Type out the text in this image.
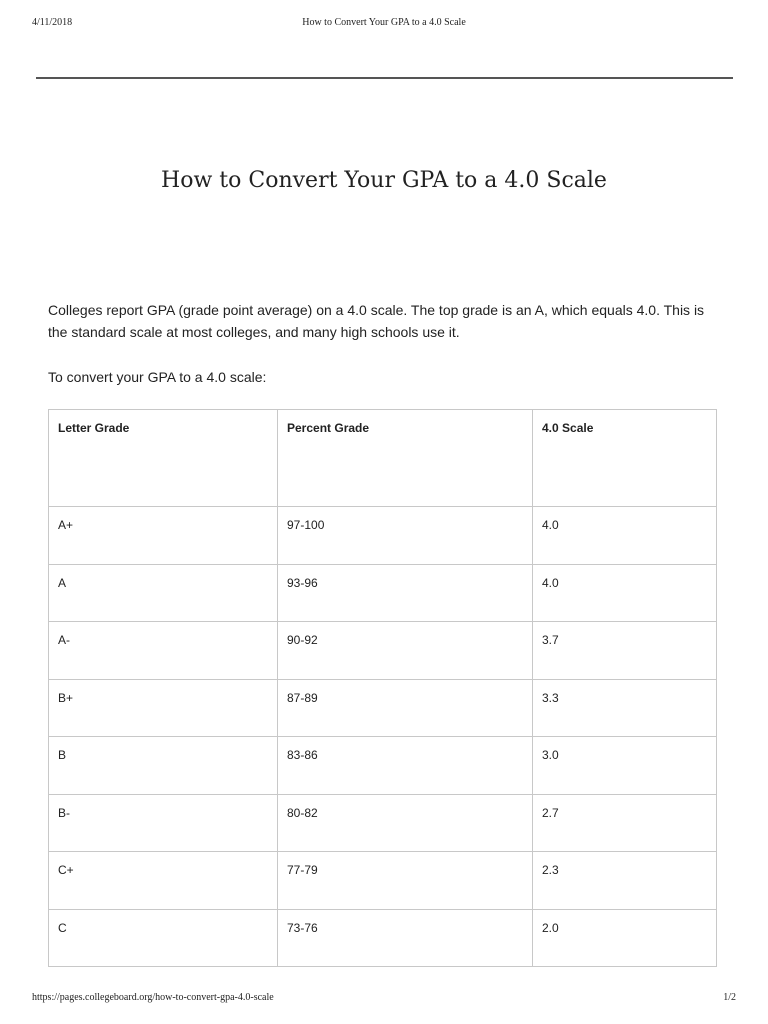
4/11/2018	How to Convert Your GPA to a 4.0 Scale
How to Convert Your GPA to a 4.0 Scale

Colleges report GPA (grade point average) on a 4.0 scale. The top grade is an A, which equals 4.0. This is the standard scale at most colleges, and many high schools use it.

To convert your GPA to a 4.0 scale:

Letter Grade	Percent Grade	4.0 Scale
A+	97-100	4.0
A	93-96	4.0
A-	90-92	3.7
B+	87-89	3.3
B	83-86	3.0
B-	80-82	2.7
C+	77-79	2.3
C	73-76	2.0
https://pages.collegeboard.org/how-to-convert-gpa-4.0-scale	1/2
